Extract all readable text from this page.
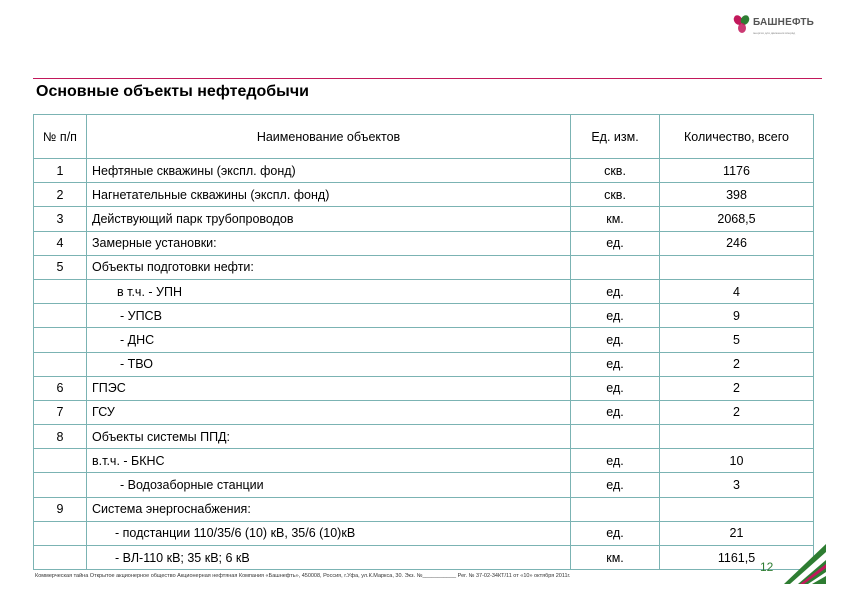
БАШНЕФТЬ
энергия для движения вперёд
Основные объекты нефтедобычи
№ п/п	Наименование объектов	Ед. изм.	Количество, всего
1	Нефтяные скважины (экспл. фонд)	скв.	1176
2	Нагнетательные скважины (экспл. фонд)	скв.	398
3	Действующий парк трубопроводов	км.	2068,5
4	Замерные установки:	ед.	246
5	Объекты подготовки нефти:		
	в т.ч. - УПН	ед.	4
	- УПСВ	ед.	9
	- ДНС	ед.	5
	- ТВО	ед.	2
6	ГПЭС	ед.	2
7	ГСУ	ед.	2
8	Объекты системы ППД:		
	в.т.ч. - БКНС	ед.	10
	- Водозаборные станции	ед.	3
9	Система энергоснабжения:		
	- подстанции 110/35/6 (10) кВ, 35/6 (10)кВ	ед.	21
	- ВЛ-110 кВ; 35 кВ; 6 кВ	км.	1161,5
Коммерческая тайна Открытое акционерное общество Акционерная нефтяная Компания «Башнефть», 450008, Россия, г.Уфа, ул.К.Маркса, 30. Экз. №___________ Рег. № 37-02-34КТ/11 от «10» октября 2011г.
12
